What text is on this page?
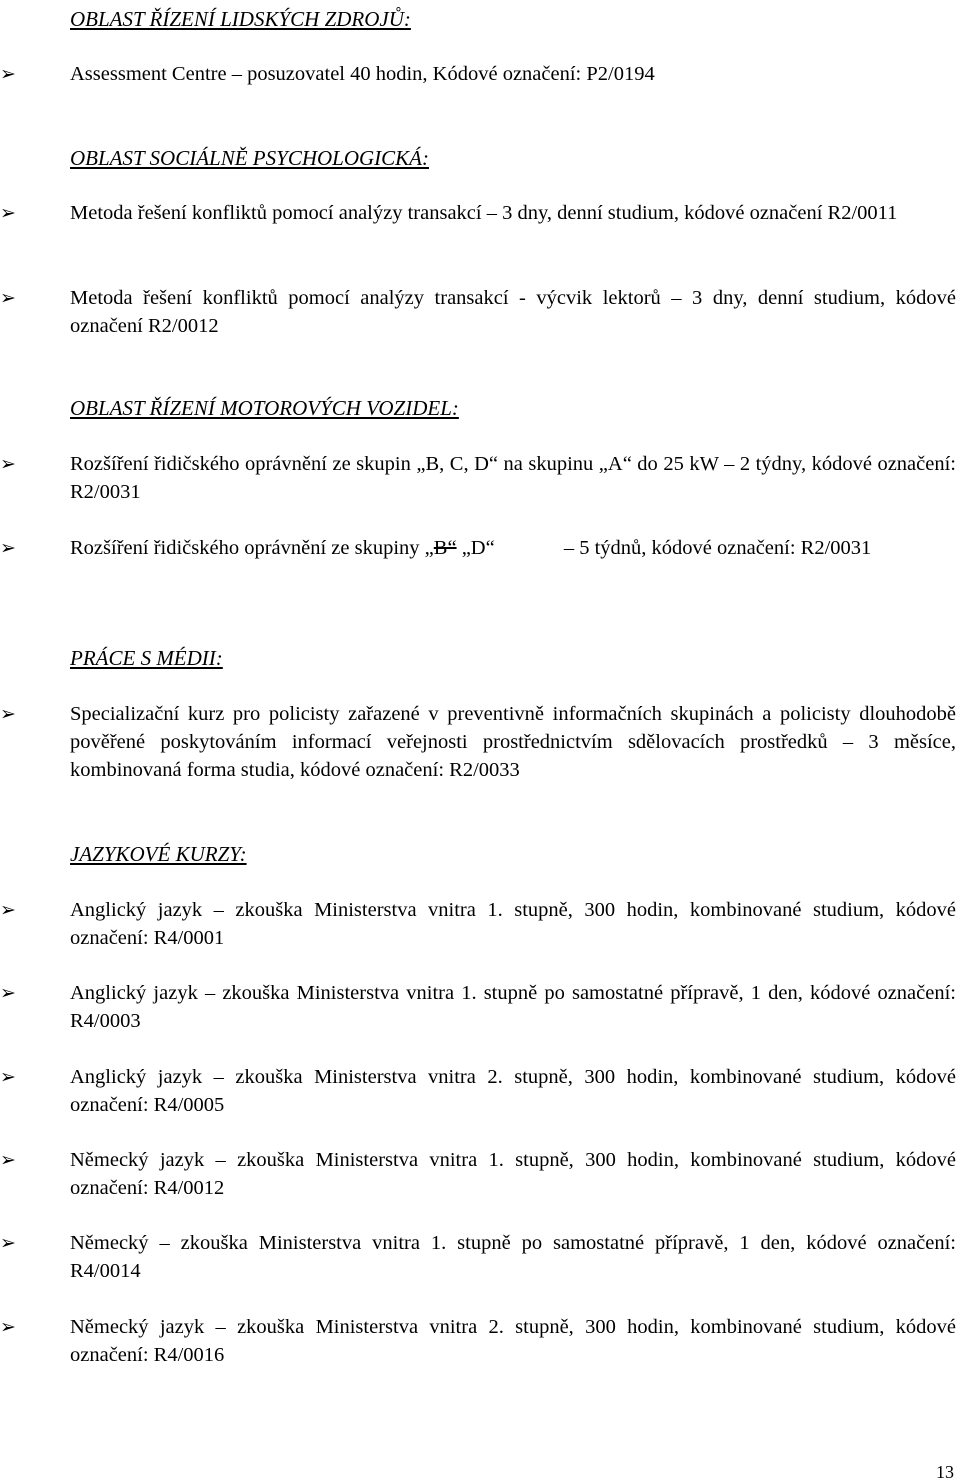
OBLAST ŘÍZENÍ LIDSKÝCH ZDROJŮ:
➢	Assessment Centre – posuzovatel 40 hodin, Kódové označení: P2/0194
OBLAST SOCIÁLNĚ PSYCHOLOGICKÁ:
➢	Metoda řešení konfliktů pomocí analýzy transakcí – 3 dny, denní studium, kódové označení R2/0011
➢	Metoda řešení konfliktů pomocí analýzy transakcí - výcvik lektorů – 3 dny, denní studium, kódové označení R2/0012
OBLAST ŘÍZENÍ MOTOROVÝCH VOZIDEL:
➢	Rozšíření řidičského oprávnění ze skupin „B, C, D“ na skupinu „A“ do 25 kW – 2 týdny, kódové označení: R2/0031
➢	Rozšíření řidičského oprávnění ze skupiny „B“ „D“	– 5 týdnů, kódové označení: R2/0031
PRÁCE S MÉDII:
➢	Specializační kurz pro policisty zařazené v preventivně informačních skupinách a policisty dlouhodobě pověřené poskytováním informací veřejnosti prostřednictvím sdělovacích prostředků – 3 měsíce, kombinovaná forma studia, kódové označení: R2/0033
JAZYKOVÉ KURZY:
➢	Anglický jazyk – zkouška Ministerstva vnitra 1. stupně, 300 hodin, kombinované studium, kódové označení: R4/0001
➢	Anglický jazyk – zkouška Ministerstva vnitra 1. stupně po samostatné přípravě, 1 den, kódové označení: R4/0003
➢	Anglický jazyk – zkouška Ministerstva vnitra 2. stupně, 300 hodin, kombinované studium, kódové označení: R4/0005
➢	Německý jazyk – zkouška Ministerstva vnitra 1. stupně, 300 hodin, kombinované studium, kódové označení: R4/0012
➢	Německý – zkouška Ministerstva vnitra 1. stupně po samostatné přípravě, 1 den, kódové označení: R4/0014
➢	Německý jazyk – zkouška Ministerstva vnitra 2. stupně, 300 hodin, kombinované studium, kódové označení: R4/0016
13
